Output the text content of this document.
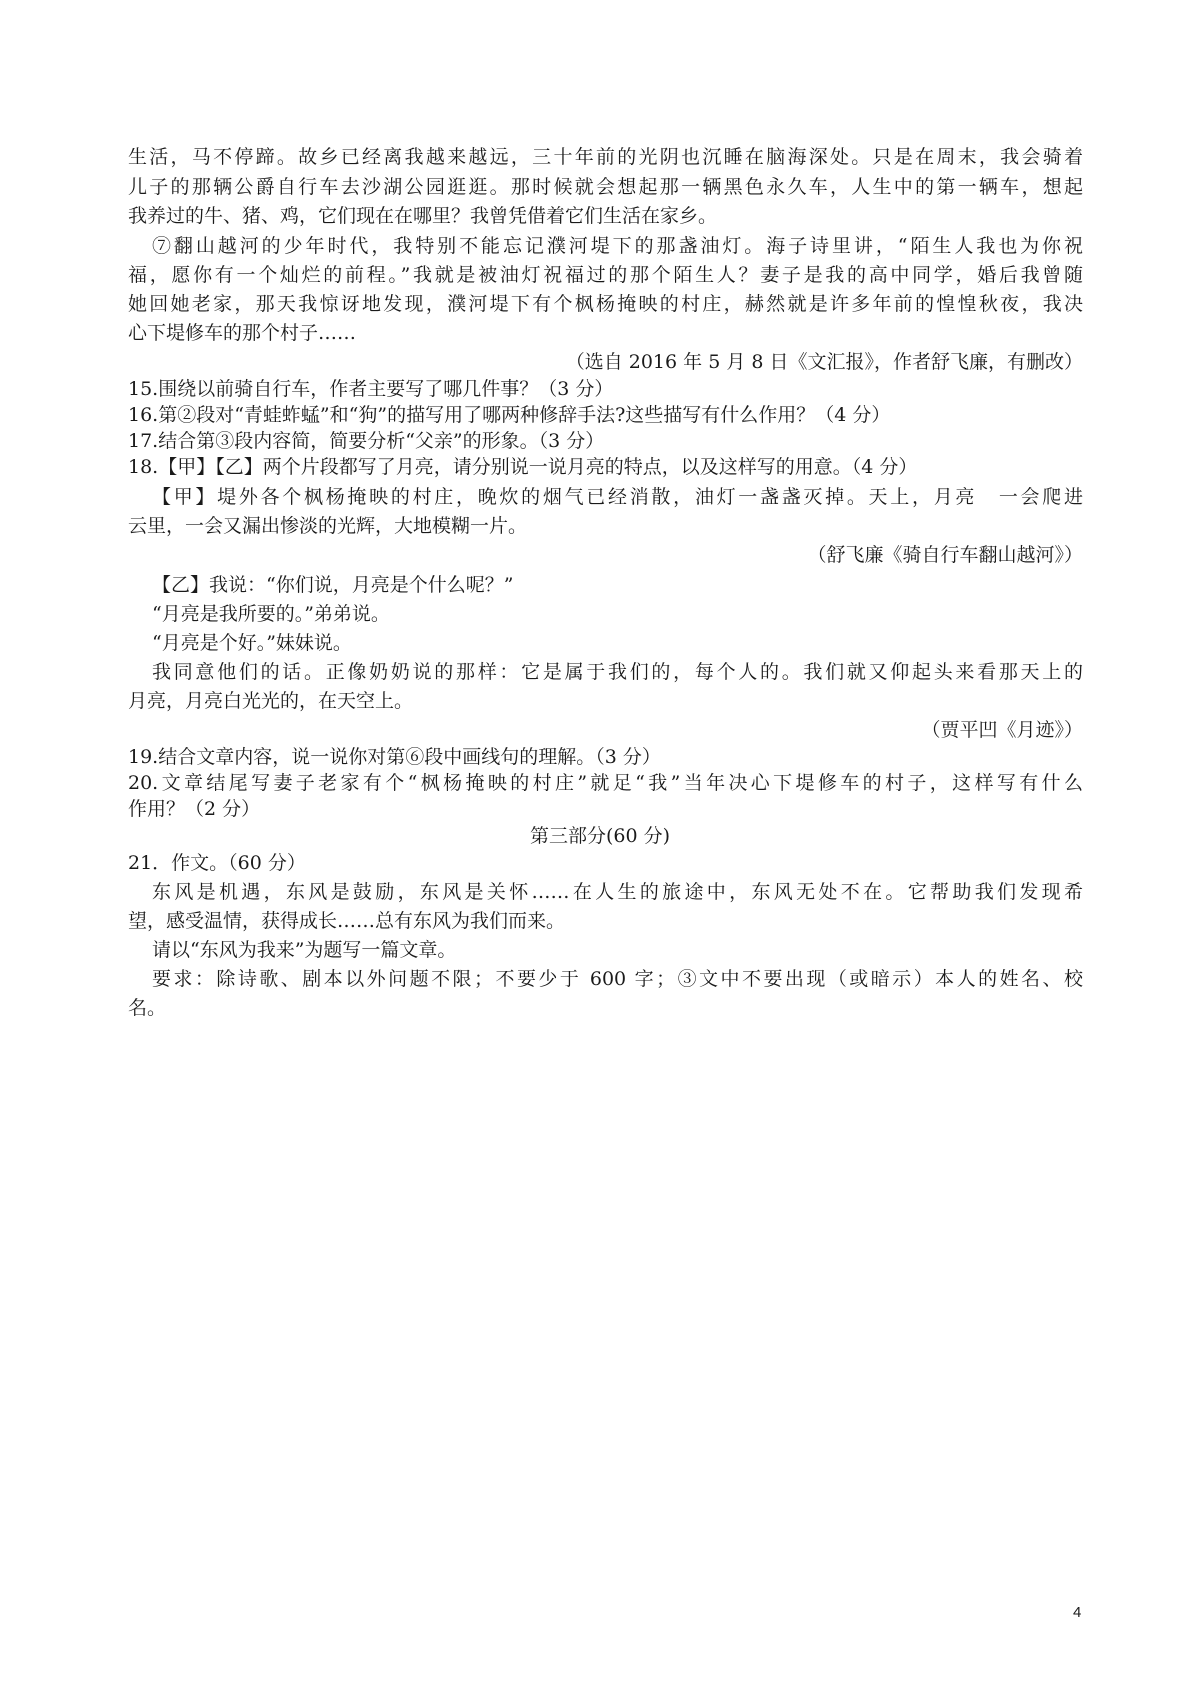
生活，马不停蹄。故乡已经离我越来越远，三十年前的光阴也沉睡在脑海深处。只是在周末，我会骑着
儿子的那辆公爵自行车去沙湖公园逛逛。那时候就会想起那一辆黑色永久车，人生中的第一辆车，想起
我养过的牛、猪、鸡，它们现在在哪里？我曾凭借着它们生活在家乡。
⑦翻山越河的少年时代，我特别不能忘记濮河堤下的那盏油灯。海子诗里讲，“陌生人我也为你祝
福，愿你有一个灿烂的前程。”我就是被油灯祝福过的那个陌生人？妻子是我的高中同学，婚后我曾随
她回她老家，那天我惊讶地发现，濮河堤下有个枫杨掩映的村庄，赫然就是许多年前的惶惶秋夜，我决
心下堤修车的那个村子……
（选自 2016 年 5 月 8 日《文汇报》，作者舒飞廉，有删改）
15.围绕以前骑自行车，作者主要写了哪几件事？（3 分）
16.第②段对“青蛙蚱蜢”和“狗”的描写用了哪两种修辞手法?这些描写有什么作用？（4 分）
17.结合第③段内容简，简要分析“父亲”的形象。（3 分）
18.【甲】【乙】两个片段都写了月亮，请分别说一说月亮的特点，以及这样写的用意。（4 分）
【甲】堤外各个枫杨掩映的村庄，晚炊的烟气已经消散，油灯一盏盏灭掉。天上，月亮　一会爬进
云里，一会又漏出惨淡的光辉，大地模糊一片。
（舒飞廉《骑自行车翻山越河》）
【乙】我说：“你们说，月亮是个什么呢？”
“月亮是我所要的。”弟弟说。
“月亮是个好。”妹妹说。
我同意他们的话。正像奶奶说的那样：它是属于我们的，每个人的。我们就又仰起头来看那天上的
月亮，月亮白光光的，在天空上。
（贾平凹《月迹》）
19.结合文章内容，说一说你对第⑥段中画线句的理解。（3 分）
20.文章结尾写妻子老家有个“枫杨掩映的村庄”就足“我”当年决心下堤修车的村子，这样写有什么
作用？（2 分）
第三部分(60 分)
21．作文。（60 分）
东风是机遇，东风是鼓励，东风是关怀……在人生的旅途中，东风无处不在。它帮助我们发现希
望，感受温情，获得成长……总有东风为我们而来。
请以“东风为我来”为题写一篇文章。
要求：除诗歌、剧本以外问题不限；不要少于 600 字；③文中不要出现（或暗示）本人的姓名、校
名。
4
